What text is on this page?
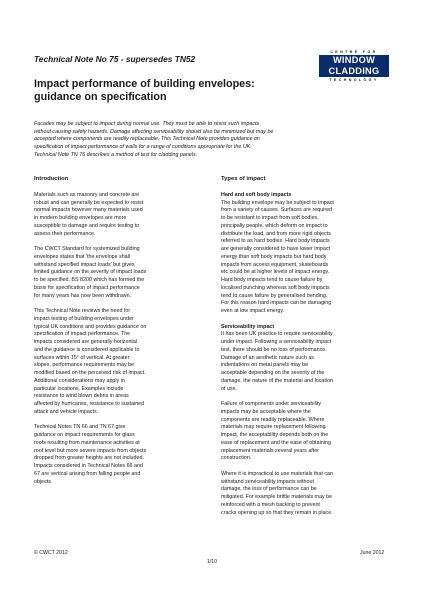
Technical Note No 75 - supersedes TN52
Impact performance of building envelopes:
guidance on specification
CENTRE FOR
WINDOW
CLADDING
TECHNOLOGY
Facades may be subject to impact during normal use. They must be able to resist such impacts
without causing safety hazards. Damage affecting serviceability should also be minimized but may be
accepted where components are readily replaceable. This Technical Note provides guidance on
specification of impact performance of walls for a range of conditions appropriate for the UK.
Technical Note TN 76 describes a method of test for cladding panels.
Introduction
Materials such as masonry and concrete are
robust and can generally be expected to resist
normal impacts however many materials used
in modern building envelopes are more
susceptible to damage and require testing to
assess their performance.
The CWCT Standard for systemized building
envelopes states that 'the envelope shall
withstand specified impact loads' but gives
limited guidance on the severity of impact loads
to be specified. BS 8200 which has formed the
basis for specification of impact performance
for many years has now been withdrawn.
This Technical Note reviews the need for
impact testing of building envelopes under
typical UK conditions and provides guidance on
specification of impact performance. The
impacts considered are generally horizontal
and the guidance is considered applicable to
surfaces within 15° of vertical. At greater
slopes, performance requirements may be
modified based on the perceived risk of impact.
Additional considerations may apply in
particular locations. Examples include
resistance to wind blown debris in areas
affected by hurricanes, resistance to sustained
attack and vehicle impacts.
Technical Notes TN 66 and TN 67 give
guidance on impact requirements for glass
roofs resulting from maintenance activities at
roof level but more severe impacts from objects
dropped from greater heights are not included.
Impacts considered in Technical Notes 66 and
67 are vertical arising from falling people and
objects.
Types of impact
Hard and soft body impacts
The building envelope may be subject to impact
from a variety of causes. Surfaces are required
to be resistant to impact from soft bodies,
principally people, which deform on impact to
distribute the load, and from more rigid objects
referred to as hard bodies. Hard body impacts
are generally considered to have lower impact
energy than soft body impacts but hard body
impacts from access equipment, skateboards
etc could be at higher levels of impact energy.
Hard body impacts tend to cause failure by
localised punching whereas soft body impacts
tend to cause failure by generalised bending.
For this reason hard impacts can be damaging
even at low impact energy.
Serviceability impact
It has been UK practice to require serviceability
under impact. Following a serviceability impact
test, there should be no loss of performance.
Damage of an aesthetic nature such as
indentations on metal panels may be
acceptable depending on the severity of the
damage, the nature of the material and location
of use.
Failure of components under serviceability
impacts may be acceptable where the
components are readily replaceable. Where
materials may require replacement following
impact, the acceptability depends both on the
ease of replacement and the ease of obtaining
replacement materials several years after
construction.
Where it is impractical to use materials that can
withstand serviceability impacts without
damage, the loss of performance can be
mitigated. For example brittle materials may be
reinforced with a mesh backing to prevent
cracks opening up so that they remain in place.
© CWCT 2012	June 2012
1/10
